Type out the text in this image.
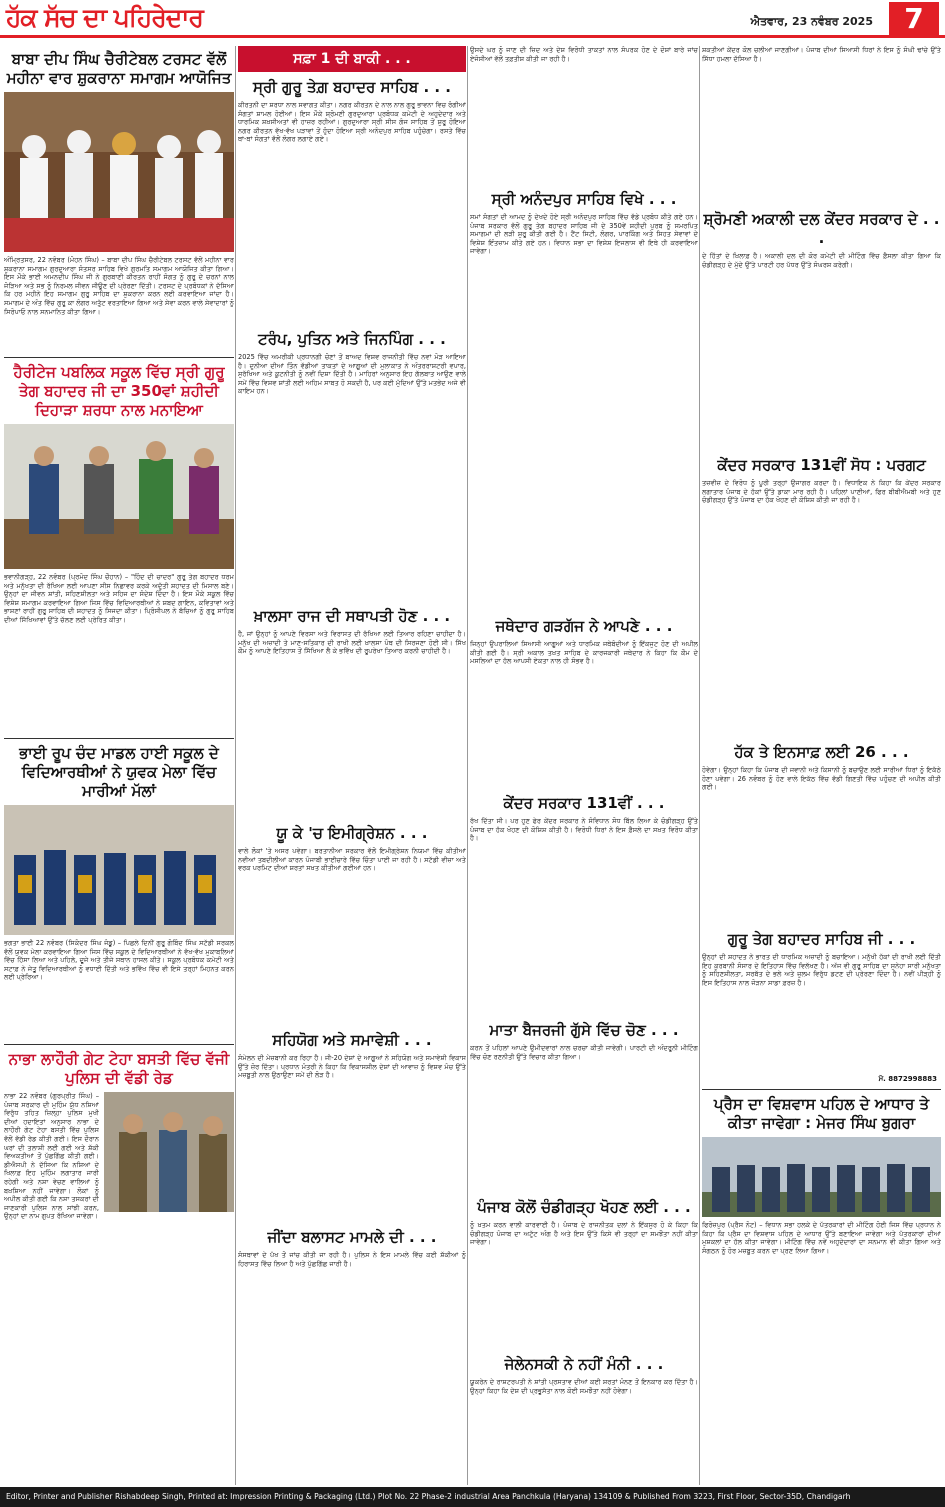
ਹੱਕ ਸੱਚ ਦਾ ਪਹਿਰੇਦਾਰ	ਐਤਵਾਰ, 23 ਨਵੰਬਰ 2025	7
ਬਾਬਾ ਦੀਪ ਸਿੰਘ ਚੈਰੀਟੇਬਲ ਟਰਸਟ ਵੱਲੋਂ ਮਹੀਨਾ ਵਾਰ ਸ਼ੁਕਰਾਨਾ ਸਮਾਗਮ ਆਯੋਜਿਤ
ਅੰਮ੍ਰਿਤਸਰ, 22 ਨਵੰਬਰ (ਮੋਹਨ ਸਿੰਘ) – ਬਾਬਾ ਦੀਪ ਸਿੰਘ ਚੈਰੀਟੇਬਲ ਟਰਸਟ ਵੱਲੋਂ ਮਹੀਨਾ ਵਾਰ ਸ਼ੁਕਰਾਨਾ ਸਮਾਗਮ ਗੁਰਦੁਆਰਾ ਸੰਤਸਰ ਸਾਹਿਬ ਵਿਖੇ ਗੁਰਮਤਿ ਸਮਾਗਮ ਆਯੋਜਿਤ ਕੀਤਾ ਗਿਆ। ਇਸ ਮੌਕੇ ਭਾਈ ਅਮਨਦੀਪ ਸਿੰਘ ਜੀ ਨੇ ਗੁਰਬਾਣੀ ਕੀਰਤਨ ਰਾਹੀਂ ਸੰਗਤ ਨੂੰ ਗੁਰੂ ਦੇ ਚਰਨਾਂ ਨਾਲ ਜੋੜਿਆ ਅਤੇ ਸਭ ਨੂੰ ਨਿਰਮਲ ਜੀਵਨ ਜੀਊਣ ਦੀ ਪ੍ਰੇਰਣਾ ਦਿੱਤੀ। ਟਰਸਟ ਦੇ ਪ੍ਰਬੰਧਕਾਂ ਨੇ ਦੱਸਿਆ ਕਿ ਹਰ ਮਹੀਨੇ ਇਹ ਸਮਾਗਮ ਗੁਰੂ ਸਾਹਿਬ ਦਾ ਸ਼ੁਕਰਾਨਾ ਕਰਨ ਲਈ ਕਰਵਾਇਆ ਜਾਂਦਾ ਹੈ। ਸਮਾਗਮ ਦੇ ਅੰਤ ਵਿੱਚ ਗੁਰੂ ਕਾ ਲੰਗਰ ਅਤੁੱਟ ਵਰਤਾਇਆ ਗਿਆ ਅਤੇ ਸੇਵਾ ਕਰਨ ਵਾਲੇ ਸੇਵਾਦਾਰਾਂ ਨੂੰ ਸਿਰੋਪਾਓ ਨਾਲ ਸਨਮਾਨਿਤ ਕੀਤਾ ਗਿਆ।
ਹੈਰੀਟੇਜ ਪਬਲਿਕ ਸਕੂਲ ਵਿੱਚ ਸ੍ਰੀ ਗੁਰੂ ਤੇਗ ਬਹਾਦਰ ਜੀ ਦਾ 350ਵਾਂ ਸ਼ਹੀਦੀ ਦਿਹਾੜਾ ਸ਼ਰਧਾ ਨਾਲ ਮਨਾਇਆ
ਭਵਾਨੀਗੜ੍ਹ, 22 ਨਵੰਬਰ (ਪ੍ਰਮੋਦ ਸਿੰਘ ਚੌਹਾਨ) – "ਹਿੰਦ ਦੀ ਚਾਦਰ" ਗੁਰੂ ਤੇਗ ਬਹਾਦਰ ਧਰਮ ਅਤੇ ਮਨੁੱਖਤਾ ਦੀ ਰੱਖਿਆ ਲਈ ਆਪਣਾ ਸੀਸ ਨਿਛਾਵਰ ਕਰਕੇ ਅਦੁੱਤੀ ਸ਼ਹਾਦਤ ਦੀ ਮਿਸਾਲ ਬਣੇ। ਉਨ੍ਹਾਂ ਦਾ ਜੀਵਨ ਸ਼ਾਂਤੀ, ਸਹਿਣਸ਼ੀਲਤਾ ਅਤੇ ਸਹਿਜ ਦਾ ਸੰਦੇਸ਼ ਦਿੰਦਾ ਹੈ। ਇਸ ਮੌਕੇ ਸਕੂਲ ਵਿੱਚ ਵਿਸ਼ੇਸ਼ ਸਮਾਗਮ ਕਰਵਾਇਆ ਗਿਆ ਜਿਸ ਵਿੱਚ ਵਿਦਿਆਰਥੀਆਂ ਨੇ ਸ਼ਬਦ ਗਾਇਨ, ਕਵਿਤਾਵਾਂ ਅਤੇ ਭਾਸ਼ਣਾਂ ਰਾਹੀਂ ਗੁਰੂ ਸਾਹਿਬ ਦੀ ਸ਼ਹਾਦਤ ਨੂੰ ਸਿਜਦਾ ਕੀਤਾ। ਪ੍ਰਿੰਸੀਪਲ ਨੇ ਬੱਚਿਆਂ ਨੂੰ ਗੁਰੂ ਸਾਹਿਬ ਦੀਆਂ ਸਿੱਖਿਆਵਾਂ ਉੱਤੇ ਚੱਲਣ ਲਈ ਪ੍ਰੇਰਿਤ ਕੀਤਾ।
ਭਾਈ ਰੂਪ ਚੰਦ ਮਾਡਲ ਹਾਈ ਸਕੂਲ ਦੇ ਵਿਦਿਆਰਥੀਆਂ ਨੇ ਯੁਵਕ ਮੇਲਾ ਵਿੱਚ ਮਾਰੀਆਂ ਮੱਲਾਂ
ਭਗਤਾ ਭਾਈ 22 ਨਵੰਬਰ (ਸਿਕੰਦਰ ਸਿੰਘ ਜੰਡੂ) – ਪਿਛਲੇ ਦਿਨੀਂ ਗੁਰੂ ਗੋਬਿੰਦ ਸਿੰਘ ਸਟੱਡੀ ਸਰਕਲ ਵੱਲੋਂ ਯੁਵਕ ਮੇਲਾ ਕਰਵਾਇਆ ਗਿਆ ਜਿਸ ਵਿੱਚ ਸਕੂਲ ਦੇ ਵਿਦਿਆਰਥੀਆਂ ਨੇ ਵੱਖ-ਵੱਖ ਮੁਕਾਬਲਿਆਂ ਵਿੱਚ ਹਿੱਸਾ ਲਿਆ ਅਤੇ ਪਹਿਲੇ, ਦੂਜੇ ਅਤੇ ਤੀਜੇ ਸਥਾਨ ਹਾਸਲ ਕੀਤੇ। ਸਕੂਲ ਪ੍ਰਬੰਧਕ ਕਮੇਟੀ ਅਤੇ ਸਟਾਫ਼ ਨੇ ਜੇਤੂ ਵਿਦਿਆਰਥੀਆਂ ਨੂੰ ਵਧਾਈ ਦਿੱਤੀ ਅਤੇ ਭਵਿੱਖ ਵਿੱਚ ਵੀ ਇਸੇ ਤਰ੍ਹਾਂ ਮਿਹਨਤ ਕਰਨ ਲਈ ਪ੍ਰੇਰਿਆ।
ਨਾਭਾ ਲਾਹੌਰੀ ਗੇਟ ਟੇਹਾ ਬਸਤੀ ਵਿੱਚ ਵੱਜੀ ਪੁਲਿਸ ਦੀ ਵੱਡੀ ਰੇਡ
ਨਾਭਾ 22 ਨਵੰਬਰ (ਗੁਰਪ੍ਰੀਤ ਸਿੰਘ) – ਪੰਜਾਬ ਸਰਕਾਰ ਦੀ ਮੁਹਿੰਮ ਯੁੱਧ ਨਸ਼ਿਆਂ ਵਿਰੁੱਧ ਤਹਿਤ ਜ਼ਿਲ੍ਹਾ ਪੁਲਿਸ ਮੁਖੀ ਦੀਆਂ ਹਦਾਇਤਾਂ ਅਨੁਸਾਰ ਨਾਭਾ ਦੇ ਲਾਹੌਰੀ ਗੇਟ ਟੇਹਾ ਬਸਤੀ ਵਿੱਚ ਪੁਲਿਸ ਵੱਲੋਂ ਵੱਡੀ ਰੇਡ ਕੀਤੀ ਗਈ। ਇਸ ਦੌਰਾਨ ਘਰਾਂ ਦੀ ਤਲਾਸ਼ੀ ਲਈ ਗਈ ਅਤੇ ਸ਼ੱਕੀ ਵਿਅਕਤੀਆਂ ਤੋਂ ਪੁੱਛਗਿੱਛ ਕੀਤੀ ਗਈ। ਡੀਐਸਪੀ ਨੇ ਦੱਸਿਆ ਕਿ ਨਸ਼ਿਆਂ ਦੇ ਖਿਲਾਫ਼ ਇਹ ਮੁਹਿੰਮ ਲਗਾਤਾਰ ਜਾਰੀ ਰਹੇਗੀ ਅਤੇ ਨਸ਼ਾ ਵੇਚਣ ਵਾਲਿਆਂ ਨੂੰ ਬਖ਼ਸ਼ਿਆ ਨਹੀਂ ਜਾਵੇਗਾ। ਲੋਕਾਂ ਨੂੰ ਅਪੀਲ ਕੀਤੀ ਗਈ ਕਿ ਨਸ਼ਾ ਤਸਕਰਾਂ ਦੀ ਜਾਣਕਾਰੀ ਪੁਲਿਸ ਨਾਲ ਸਾਂਝੀ ਕਰਨ, ਉਨ੍ਹਾਂ ਦਾ ਨਾਮ ਗੁਪਤ ਰੱਖਿਆ ਜਾਵੇਗਾ।
ਸਫ਼ਾ 1 ਦੀ ਬਾਕੀ . . .
ਸ੍ਰੀ ਗੁਰੂ ਤੇਗ਼ ਬਹਾਦਰ ਸਾਹਿਬ . . .
ਕੀਰਤਨੀ ਦਾ ਸ਼ਰਧਾ ਨਾਲ ਸਵਾਗਤ ਕੀਤਾ। ਨਗਰ ਕੀਰਤਨ ਦੇ ਨਾਲ ਨਾਲ ਗੁਰੂ ਭਾਵਨਾ ਵਿਚ ਰੰਗੀਆਂ ਸੰਗਤਾਂ ਸ਼ਾਮਲ ਹੋਈਆਂ। ਇਸ ਮੌਕੇ ਸ਼੍ਰੋਮਣੀ ਗੁਰਦੁਆਰਾ ਪ੍ਰਬੰਧਕ ਕਮੇਟੀ ਦੇ ਅਹੁਦੇਦਾਰ ਅਤੇ ਧਾਰਮਿਕ ਸ਼ਖ਼ਸੀਅਤਾਂ ਵੀ ਹਾਜ਼ਰ ਰਹੀਆਂ। ਗੁਰਦੁਆਰਾ ਸ੍ਰੀ ਸੀਸ ਗੰਜ ਸਾਹਿਬ ਤੋਂ ਸ਼ੁਰੂ ਹੋਇਆ ਨਗਰ ਕੀਰਤਨ ਵੱਖ-ਵੱਖ ਪੜਾਵਾਂ ਤੋਂ ਹੁੰਦਾ ਹੋਇਆ ਸ੍ਰੀ ਅਨੰਦਪੁਰ ਸਾਹਿਬ ਪਹੁੰਚੇਗਾ। ਰਸਤੇ ਵਿੱਚ ਥਾਂ-ਥਾਂ ਸੰਗਤਾਂ ਵੱਲੋਂ ਲੰਗਰ ਲਗਾਏ ਗਏ।
ਟਰੰਪ, ਪੁਤਿਨ ਅਤੇ ਜਿਨਪਿੰਗ . . .
2025 ਵਿੱਚ ਅਮਰੀਕੀ ਪ੍ਰਧਾਨਗੀ ਚੋਣਾਂ ਤੋਂ ਬਾਅਦ ਵਿਸ਼ਵ ਰਾਜਨੀਤੀ ਵਿੱਚ ਨਵਾਂ ਮੋੜ ਆਇਆ ਹੈ। ਦੁਨੀਆ ਦੀਆਂ ਤਿੰਨ ਵੱਡੀਆਂ ਤਾਕਤਾਂ ਦੇ ਆਗੂਆਂ ਦੀ ਮੁਲਾਕਾਤ ਨੇ ਅੰਤਰਰਾਸ਼ਟਰੀ ਵਪਾਰ, ਸੁਰੱਖਿਆ ਅਤੇ ਕੂਟਨੀਤੀ ਨੂੰ ਨਵੀਂ ਦਿਸ਼ਾ ਦਿੱਤੀ ਹੈ। ਮਾਹਿਰਾਂ ਅਨੁਸਾਰ ਇਹ ਗੱਲਬਾਤ ਆਉਣ ਵਾਲੇ ਸਮੇਂ ਵਿੱਚ ਵਿਸ਼ਵ ਸ਼ਾਂਤੀ ਲਈ ਅਹਿਮ ਸਾਬਤ ਹੋ ਸਕਦੀ ਹੈ, ਪਰ ਕਈ ਮੁੱਦਿਆਂ ਉੱਤੇ ਮਤਭੇਦ ਅਜੇ ਵੀ ਕਾਇਮ ਹਨ।
ਖ਼ਾਲਸਾ ਰਾਜ ਦੀ ਸਥਾਪਤੀ ਹੋਣ . . .
ਹੈ, ਜਾਂ ਉਨ੍ਹਾਂ ਨੂੰ ਆਪਣੇ ਵਿਰਸਾ ਅਤੇ ਵਿਰਾਸਤ ਦੀ ਰੱਖਿਆ ਲਈ ਤਿਆਰ ਰਹਿਣਾ ਚਾਹੀਦਾ ਹੈ। ਮਨੁੱਖ ਦੀ ਅਜ਼ਾਦੀ ਤੇ ਮਾਣ-ਸਤਿਕਾਰ ਦੀ ਰਾਖੀ ਲਈ ਖ਼ਾਲਸਾ ਪੰਥ ਦੀ ਸਿਰਜਣਾ ਹੋਈ ਸੀ। ਸਿੱਖ ਕੌਮ ਨੂੰ ਆਪਣੇ ਇਤਿਹਾਸ ਤੋਂ ਸਿੱਖਿਆ ਲੈ ਕੇ ਭਵਿੱਖ ਦੀ ਰੂਪਰੇਖਾ ਤਿਆਰ ਕਰਨੀ ਚਾਹੀਦੀ ਹੈ।
ਯੂ ਕੇ 'ਚ ਇਮੀਗ੍ਰੇਸ਼ਨ . . .
ਵਾਲੇ ਲੋਕਾਂ 'ਤੇ ਅਸਰ ਪਵੇਗਾ। ਬਰਤਾਨੀਆ ਸਰਕਾਰ ਵੱਲੋਂ ਇਮੀਗ੍ਰੇਸ਼ਨ ਨਿਯਮਾਂ ਵਿੱਚ ਕੀਤੀਆਂ ਨਵੀਆਂ ਤਬਦੀਲੀਆਂ ਕਾਰਨ ਪੰਜਾਬੀ ਭਾਈਚਾਰੇ ਵਿੱਚ ਚਿੰਤਾ ਪਾਈ ਜਾ ਰਹੀ ਹੈ। ਸਟੱਡੀ ਵੀਜ਼ਾ ਅਤੇ ਵਰਕ ਪਰਮਿਟ ਦੀਆਂ ਸ਼ਰਤਾਂ ਸਖ਼ਤ ਕੀਤੀਆਂ ਗਈਆਂ ਹਨ।
ਸਹਿਯੋਗ ਅਤੇ ਸਮਾਵੇਸ਼ੀ . . .
ਸੰਮੇਲਨ ਦੀ ਮੇਜ਼ਬਾਨੀ ਕਰ ਰਿਹਾ ਹੈ। ਜੀ-20 ਦੇਸ਼ਾਂ ਦੇ ਆਗੂਆਂ ਨੇ ਸਹਿਯੋਗ ਅਤੇ ਸਮਾਵੇਸ਼ੀ ਵਿਕਾਸ ਉੱਤੇ ਜ਼ੋਰ ਦਿੱਤਾ। ਪ੍ਰਧਾਨ ਮੰਤਰੀ ਨੇ ਕਿਹਾ ਕਿ ਵਿਕਾਸਸ਼ੀਲ ਦੇਸ਼ਾਂ ਦੀ ਆਵਾਜ਼ ਨੂੰ ਵਿਸ਼ਵ ਮੰਚ ਉੱਤੇ ਮਜ਼ਬੂਤੀ ਨਾਲ ਉਠਾਉਣਾ ਸਮੇਂ ਦੀ ਲੋੜ ਹੈ।
ਜੀਂਦਾ ਬਲਾਸਟ ਮਾਮਲੇ ਦੀ . . .
ਸੰਸਥਾਵਾਂ ਦੇ ਪੱਖ ਤੋਂ ਜਾਂਚ ਕੀਤੀ ਜਾ ਰਹੀ ਹੈ। ਪੁਲਿਸ ਨੇ ਇਸ ਮਾਮਲੇ ਵਿੱਚ ਕਈ ਸ਼ੱਕੀਆਂ ਨੂੰ ਹਿਰਾਸਤ ਵਿੱਚ ਲਿਆ ਹੈ ਅਤੇ ਪੁੱਛਗਿੱਛ ਜਾਰੀ ਹੈ।
ਉਸਦੇ ਘਰ ਨੂੰ ਜਾਣ ਦੀ ਜ਼ਿਦ ਅਤੇ ਦੇਸ਼ ਵਿਰੋਧੀ ਤਾਕਤਾਂ ਨਾਲ ਸੰਪਰਕ ਹੋਣ ਦੇ ਦੋਸ਼ਾਂ ਬਾਰੇ ਜਾਂਚ ਏਜੰਸੀਆਂ ਵੱਲੋਂ ਤਫ਼ਤੀਸ਼ ਕੀਤੀ ਜਾ ਰਹੀ ਹੈ।
ਸ੍ਰੀ ਅਨੰਦਪੁਰ ਸਾਹਿਬ ਵਿਖੇ . . .
ਸਮਾਂ ਸੰਗਤਾਂ ਦੀ ਆਮਦ ਨੂੰ ਦੇਖਦੇ ਹੋਏ ਸ੍ਰੀ ਅਨੰਦਪੁਰ ਸਾਹਿਬ ਵਿੱਚ ਵੱਡੇ ਪ੍ਰਬੰਧ ਕੀਤੇ ਗਏ ਹਨ। ਪੰਜਾਬ ਸਰਕਾਰ ਵੱਲੋਂ ਗੁਰੂ ਤੇਗ ਬਹਾਦਰ ਸਾਹਿਬ ਜੀ ਦੇ 350ਵੇਂ ਸ਼ਹੀਦੀ ਪੁਰਬ ਨੂੰ ਸਮਰਪਿਤ ਸਮਾਗਮਾਂ ਦੀ ਲੜੀ ਸ਼ੁਰੂ ਕੀਤੀ ਗਈ ਹੈ। ਟੈਂਟ ਸਿਟੀ, ਲੰਗਰ, ਪਾਰਕਿੰਗ ਅਤੇ ਸਿਹਤ ਸੇਵਾਵਾਂ ਦੇ ਵਿਸ਼ੇਸ਼ ਇੰਤਜ਼ਾਮ ਕੀਤੇ ਗਏ ਹਨ। ਵਿਧਾਨ ਸਭਾ ਦਾ ਵਿਸ਼ੇਸ਼ ਇਜਲਾਸ ਵੀ ਇਥੇ ਹੀ ਕਰਵਾਇਆ ਜਾਵੇਗਾ।
ਜਥੇਦਾਰ ਗੜਗੱਜ ਨੇ ਆਪਣੇ . . .
ਜਿਨ੍ਹਾਂ ਉਪਰਾਲਿਆਂ ਸਿਆਸੀ ਆਗੂਆਂ ਅਤੇ ਧਾਰਮਿਕ ਜਥੇਬੰਦੀਆਂ ਨੂੰ ਇੱਕਜੁਟ ਹੋਣ ਦੀ ਅਪੀਲ ਕੀਤੀ ਗਈ ਹੈ। ਸ੍ਰੀ ਅਕਾਲ ਤਖ਼ਤ ਸਾਹਿਬ ਦੇ ਕਾਰਜਕਾਰੀ ਜਥੇਦਾਰ ਨੇ ਕਿਹਾ ਕਿ ਕੌਮ ਦੇ ਮਸਲਿਆਂ ਦਾ ਹੱਲ ਆਪਸੀ ਏਕਤਾ ਨਾਲ ਹੀ ਸੰਭਵ ਹੈ।
ਕੇਂਦਰ ਸਰਕਾਰ 131ਵੀਂ . . .
ਰੱਖ ਦਿੱਤਾ ਸੀ। ਪਰ ਹੁਣ ਫੇਰ ਕੇਂਦਰ ਸਰਕਾਰ ਨੇ ਸੰਵਿਧਾਨ ਸੋਧ ਬਿੱਲ ਲਿਆ ਕੇ ਚੰਡੀਗੜ੍ਹ ਉੱਤੇ ਪੰਜਾਬ ਦਾ ਹੱਕ ਖੋਹਣ ਦੀ ਕੋਸ਼ਿਸ਼ ਕੀਤੀ ਹੈ। ਵਿਰੋਧੀ ਧਿਰਾਂ ਨੇ ਇਸ ਫ਼ੈਸਲੇ ਦਾ ਸਖ਼ਤ ਵਿਰੋਧ ਕੀਤਾ ਹੈ।
ਮਾਤਾ ਬੈਜਰਜੀ ਗੁੱਸੇ ਵਿੱਚ ਚੋਣ . . .
ਕਰਨ ਤੋਂ ਪਹਿਲਾਂ ਆਪਣੇ ਉਮੀਦਵਾਰਾਂ ਨਾਲ ਚਰਚਾ ਕੀਤੀ ਜਾਵੇਗੀ। ਪਾਰਟੀ ਦੀ ਅੰਦਰੂਨੀ ਮੀਟਿੰਗ ਵਿੱਚ ਚੋਣ ਰਣਨੀਤੀ ਉੱਤੇ ਵਿਚਾਰ ਕੀਤਾ ਗਿਆ।
ਪੰਜਾਬ ਕੋਲੋਂ ਚੰਡੀਗੜ੍ਹ ਖੋਹਣ ਲਈ . . .
ਨੂੰ ਖ਼ਤਮ ਕਰਨ ਵਾਲੀ ਕਾਰਵਾਈ ਹੈ। ਪੰਜਾਬ ਦੇ ਰਾਜਨੀਤਕ ਦਲਾਂ ਨੇ ਇੱਕਸੁਰ ਹੋ ਕੇ ਕਿਹਾ ਕਿ ਚੰਡੀਗੜ੍ਹ ਪੰਜਾਬ ਦਾ ਅਟੁੱਟ ਅੰਗ ਹੈ ਅਤੇ ਇਸ ਉੱਤੇ ਕਿਸੇ ਵੀ ਤਰ੍ਹਾਂ ਦਾ ਸਮਝੌਤਾ ਨਹੀਂ ਕੀਤਾ ਜਾਵੇਗਾ।
ਜੇਲੇਨਸਕੀ ਨੇ ਨਹੀਂ ਮੰਨੀ . . .
ਯੂਕਰੇਨ ਦੇ ਰਾਸ਼ਟਰਪਤੀ ਨੇ ਸ਼ਾਂਤੀ ਪ੍ਰਸਤਾਵ ਦੀਆਂ ਕਈ ਸ਼ਰਤਾਂ ਮੰਨਣ ਤੋਂ ਇਨਕਾਰ ਕਰ ਦਿੱਤਾ ਹੈ। ਉਨ੍ਹਾਂ ਕਿਹਾ ਕਿ ਦੇਸ਼ ਦੀ ਪ੍ਰਭੂਸੱਤਾ ਨਾਲ ਕੋਈ ਸਮਝੌਤਾ ਨਹੀਂ ਹੋਵੇਗਾ।
ਸ਼ਕਤੀਆਂ ਕੇਂਦਰ ਕੋਲ ਚਲੀਆਂ ਜਾਣਗੀਆਂ। ਪੰਜਾਬ ਦੀਆਂ ਸਿਆਸੀ ਧਿਰਾਂ ਨੇ ਇਸ ਨੂੰ ਸੰਘੀ ਢਾਂਚੇ ਉੱਤੇ ਸਿੱਧਾ ਹਮਲਾ ਦੱਸਿਆ ਹੈ।
ਸ਼੍ਰੋਮਣੀ ਅਕਾਲੀ ਦਲ ਕੇਂਦਰ ਸਰਕਾਰ ਦੇ . . .
ਦੇ ਹਿੱਤਾਂ ਦੇ ਖ਼ਿਲਾਫ਼ ਹੈ। ਅਕਾਲੀ ਦਲ ਦੀ ਕੋਰ ਕਮੇਟੀ ਦੀ ਮੀਟਿੰਗ ਵਿੱਚ ਫ਼ੈਸਲਾ ਕੀਤਾ ਗਿਆ ਕਿ ਚੰਡੀਗੜ੍ਹ ਦੇ ਮੁੱਦੇ ਉੱਤੇ ਪਾਰਟੀ ਹਰ ਪੱਧਰ ਉੱਤੇ ਸੰਘਰਸ਼ ਕਰੇਗੀ।
ਕੇਂਦਰ ਸਰਕਾਰ 131ਵੀਂ ਸੋਧ : ਪਰਗਟ
ਤਜ਼ਵੀਜ਼ ਦੇ ਵਿਰੋਧ ਨੂੰ ਪੂਰੀ ਤਰ੍ਹਾਂ ਉਜਾਗਰ ਕਰਦਾ ਹੈ। ਵਿਧਾਇਕ ਨੇ ਕਿਹਾ ਕਿ ਕੇਂਦਰ ਸਰਕਾਰ ਲਗਾਤਾਰ ਪੰਜਾਬ ਦੇ ਹੱਕਾਂ ਉੱਤੇ ਡਾਕਾ ਮਾਰ ਰਹੀ ਹੈ। ਪਹਿਲਾਂ ਪਾਣੀਆਂ, ਫਿਰ ਬੀਬੀਐਮਬੀ ਅਤੇ ਹੁਣ ਚੰਡੀਗੜ੍ਹ ਉੱਤੇ ਪੰਜਾਬ ਦਾ ਹੱਕ ਖੋਹਣ ਦੀ ਕੋਸ਼ਿਸ਼ ਕੀਤੀ ਜਾ ਰਹੀ ਹੈ।
ਹੱਕ ਤੇ ਇਨਸਾਫ਼ ਲਈ 26 . . .
ਹੋਵੇਗਾ। ਉਨ੍ਹਾਂ ਕਿਹਾ ਕਿ ਪੰਜਾਬ ਦੀ ਜਵਾਨੀ ਅਤੇ ਕਿਸਾਨੀ ਨੂੰ ਬਚਾਉਣ ਲਈ ਸਾਰੀਆਂ ਧਿਰਾਂ ਨੂੰ ਇਕੱਠੇ ਹੋਣਾ ਪਵੇਗਾ। 26 ਨਵੰਬਰ ਨੂੰ ਹੋਣ ਵਾਲੇ ਇਕੱਠ ਵਿੱਚ ਵੱਡੀ ਗਿਣਤੀ ਵਿੱਚ ਪਹੁੰਚਣ ਦੀ ਅਪੀਲ ਕੀਤੀ ਗਈ।
ਗੁਰੂ ਤੇਗ ਬਹਾਦਰ ਸਾਹਿਬ ਜੀ . . .
ਉਨ੍ਹਾਂ ਦੀ ਸ਼ਹਾਦਤ ਨੇ ਭਾਰਤ ਦੀ ਧਾਰਮਿਕ ਅਜ਼ਾਦੀ ਨੂੰ ਬਚਾਇਆ। ਮਨੁੱਖੀ ਹੱਕਾਂ ਦੀ ਰਾਖੀ ਲਈ ਦਿੱਤੀ ਇਹ ਕੁਰਬਾਨੀ ਸੰਸਾਰ ਦੇ ਇਤਿਹਾਸ ਵਿੱਚ ਵਿਲੱਖਣ ਹੈ। ਅੱਜ ਵੀ ਗੁਰੂ ਸਾਹਿਬ ਦਾ ਸੁਨੇਹਾ ਸਾਰੀ ਮਨੁੱਖਤਾ ਨੂੰ ਸਹਿਣਸ਼ੀਲਤਾ, ਸਰਬੱਤ ਦੇ ਭਲੇ ਅਤੇ ਜ਼ੁਲਮ ਵਿਰੁੱਧ ਡਟਣ ਦੀ ਪ੍ਰੇਰਣਾ ਦਿੰਦਾ ਹੈ। ਨਵੀਂ ਪੀੜ੍ਹੀ ਨੂੰ ਇਸ ਇਤਿਹਾਸ ਨਾਲ ਜੋੜਨਾ ਸਾਡਾ ਫ਼ਰਜ਼ ਹੈ।
ਮੋ. 8872998883
ਪ੍ਰੈਸ ਦਾ ਵਿਸ਼ਵਾਸ ਪਹਿਲ ਦੇ ਆਧਾਰ ਤੇ ਕੀਤਾ ਜਾਵੇਗਾ : ਮੇਜਰ ਸਿੰਘ ਬੁਗਰਾ
ਫਿਰੋਜ਼ਪੁਰ (ਪ੍ਰੈਸ ਨੋਟ) – ਵਿਧਾਨ ਸਭਾ ਹਲਕੇ ਦੇ ਪੱਤਰਕਾਰਾਂ ਦੀ ਮੀਟਿੰਗ ਹੋਈ ਜਿਸ ਵਿੱਚ ਪ੍ਰਧਾਨ ਨੇ ਕਿਹਾ ਕਿ ਪ੍ਰੈਸ ਦਾ ਵਿਸ਼ਵਾਸ ਪਹਿਲ ਦੇ ਆਧਾਰ ਉੱਤੇ ਬਣਾਇਆ ਜਾਵੇਗਾ ਅਤੇ ਪੱਤਰਕਾਰਾਂ ਦੀਆਂ ਮੁਸ਼ਕਲਾਂ ਦਾ ਹੱਲ ਕੀਤਾ ਜਾਵੇਗਾ। ਮੀਟਿੰਗ ਵਿੱਚ ਨਵੇਂ ਅਹੁਦੇਦਾਰਾਂ ਦਾ ਸਨਮਾਨ ਵੀ ਕੀਤਾ ਗਿਆ ਅਤੇ ਸੰਗਠਨ ਨੂੰ ਹੋਰ ਮਜ਼ਬੂਤ ਕਰਨ ਦਾ ਪ੍ਰਣ ਲਿਆ ਗਿਆ।
Editor, Printer and Publisher Rishabdeep Singh, Printed at: Impression Printing & Packaging (Ltd.) Plot No. 22 Phase-2 industrial Area Panchkula (Haryana) 134109 & Published From 3223, First Floor, Sector-35D, Chandigarh
